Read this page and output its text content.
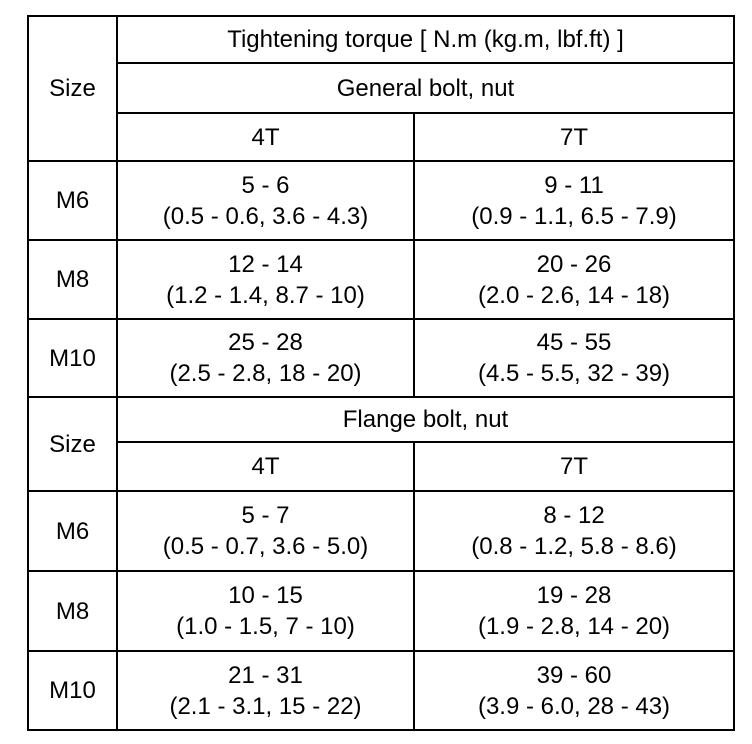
Size
Tightening torque [ N.m (kg.m, lbf.ft) ]
General bolt, nut
4T	7T
M6
5 - 6
(0.5 - 0.6, 3.6 - 4.3)
9 - 11
(0.9 - 1.1, 6.5 - 7.9)
M8
12 - 14
(1.2 - 1.4, 8.7 - 10)
20 - 26
(2.0 - 2.6, 14 - 18)
M10
25 - 28
(2.5 - 2.8, 18 - 20)
45 - 55
(4.5 - 5.5, 32 - 39)
Size
Flange bolt, nut
4T	7T
M6
5 - 7
(0.5 - 0.7, 3.6 - 5.0)
8 - 12
(0.8 - 1.2, 5.8 - 8.6)
M8
10 - 15
(1.0 - 1.5, 7 - 10)
19 - 28
(1.9 - 2.8, 14 - 20)
M10
21 - 31
(2.1 - 3.1, 15 - 22)
39 - 60
(3.9 - 6.0, 28 - 43)
